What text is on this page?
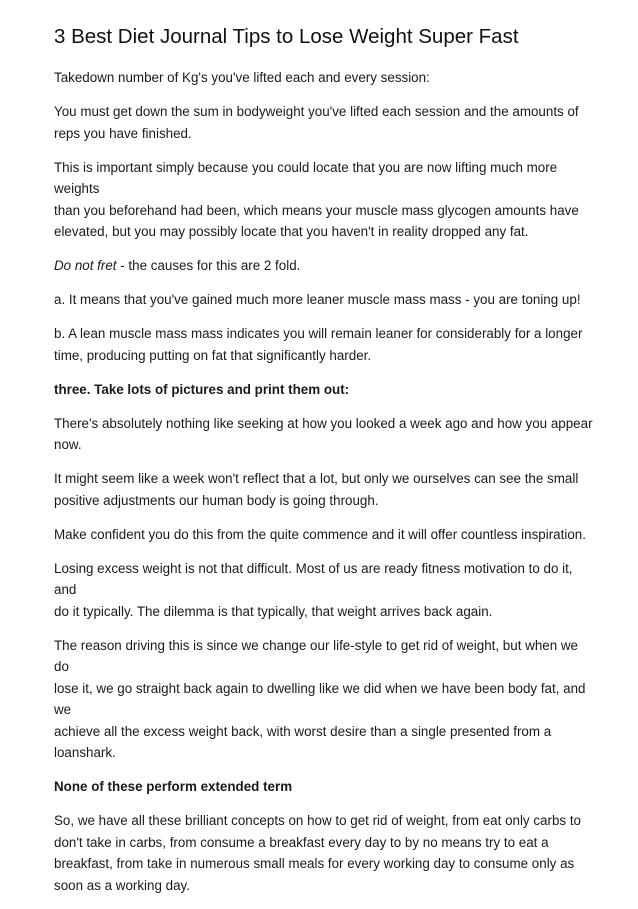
3 Best Diet Journal Tips to Lose Weight Super Fast

Takedown number of Kg's you've lifted each and every session:

You must get down the sum in bodyweight you've lifted each session and the amounts of
reps you have finished.

This is important simply because you could locate that you are now lifting much more weights
than you beforehand had been, which means your muscle mass glycogen amounts have
elevated, but you may possibly locate that you haven't in reality dropped any fat.

Do not fret - the causes for this are 2 fold.

a. It means that you've gained much more leaner muscle mass mass - you are toning up!

b. A lean muscle mass mass indicates you will remain leaner for considerably for a longer
time, producing putting on fat that significantly harder.

three. Take lots of pictures and print them out:

There's absolutely nothing like seeking at how you looked a week ago and how you appear
now.

It might seem like a week won't reflect that a lot, but only we ourselves can see the small
positive adjustments our human body is going through.

Make confident you do this from the quite commence and it will offer countless inspiration.

Losing excess weight is not that difficult. Most of us are ready fitness motivation to do it, and
do it typically. The dilemma is that typically, that weight arrives back again.

The reason driving this is since we change our life-style to get rid of weight, but when we do
lose it, we go straight back again to dwelling like we did when we have been body fat, and we
achieve all the excess weight back, with worst desire than a single presented from a
loanshark.

None of these perform extended term

So, we have all these brilliant concepts on how to get rid of weight, from eat only carbs to
don't take in carbs, from consume a breakfast every day to by no means try to eat a
breakfast, from take in numerous small meals for every working day to consume only as
soon as a working day.
